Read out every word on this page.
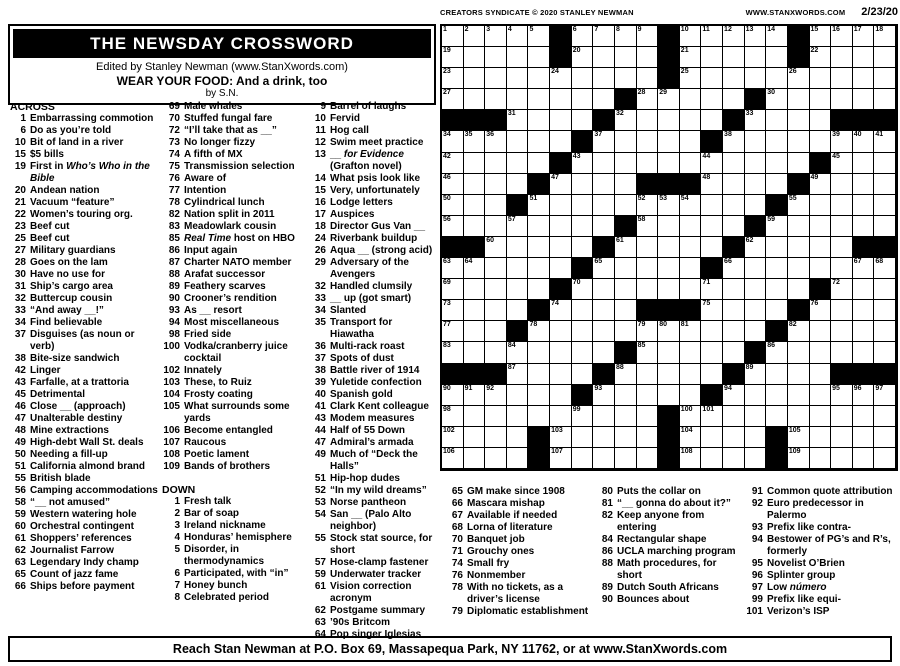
THE NEWSDAY CROSSWORD
Edited by Stanley Newman (www.StanXwords.com)
WEAR YOUR FOOD: And a drink, too
by S.N.
CREATORS SYNDICATE © 2020 STANLEY NEWMAN	WWW.STANXWORDS.COM 2/23/20
1	2	3	4	5	6	7	8	9	10 11 12 13 14	15 16 17 18
19	20	21	22
23	24	25	26
27	28 29	30
31	32	33
34 35 36	37	38	39 40 41
42	43	44	45
46	47	48	49
50	51	52 53 54	55
56	57	58	59
60	61	62
63 64	65	66	67 68
69	70	71	72
73	74	75	76
77	78	79 80 81	82
83	84	85	86
87	88	89
90 91 92	93	94	95 96 97
98	99	100 101
102	103	104	105
106	107	108	109
ACROSS
1 Embarrassing commotion
6 Do as you’re told
10 Bit of land in a river
15 $5 bills
19 First in Who’s Who in the Bible
20 Andean nation
21 Vacuum “feature”
22 Women’s touring org.
23 Beef cut
25 Beef cut
27 Military guardians
28 Goes on the lam
30 Have no use for
31 Ship’s cargo area
32 Buttercup cousin
33 “And away __!”
34 Find believable
37 Disguises (as noun or verb)
38 Bite-size sandwich
42 Linger
43 Farfalle, at a trattoria
45 Detrimental
46 Close __ (approach)
47 Unalterable destiny
48 Mine extractions
49 High-debt Wall St. deals
50 Needing a fill-up
51 California almond brand
55 British blade
56 Camping accommodations
58 “__ not amused”
59 Western watering hole
60 Orchestral contingent
61 Shoppers’ references
62 Journalist Farrow
63 Legendary Indy champ
65 Count of jazz fame
66 Ships before payment
69 Male whales
70 Stuffed fungal fare
72 “I’ll take that as __”
73 No longer fizzy
74 A fifth of MX
75 Transmission selection
76 Aware of
77 Intention
78 Cylindrical lunch
82 Nation split in 2011
83 Meadowlark cousin
85 Real Time host on HBO
86 Input again
87 Charter NATO member
88 Arafat successor
89 Feathery scarves
90 Crooner’s rendition
93 As __ resort
94 Most miscellaneous
98 Fried side
100 Vodka/cranberry juice cocktail
102 Innately
103 These, to Ruiz
104 Frosty coating
105 What surrounds some yards
106 Become entangled
107 Raucous
108 Poetic lament
109 Bands of brothers
DOWN
1 Fresh talk
2 Bar of soap
3 Ireland nickname
4 Honduras’ hemisphere
5 Disorder, in thermodynamics
6 Participated, with “in”
7 Honey bunch
8 Celebrated period
9 Barrel of laughs
10 Fervid
11 Hog call
12 Swim meet practice
13 __ for Evidence (Grafton novel)
14 What psis look like
15 Very, unfortunately
16 Lodge letters
17 Auspices
18 Director Gus Van __
24 Riverbank buildup
26 Aqua __ (strong acid)
29 Adversary of the Avengers
32 Handled clumsily
33 __ up (got smart)
34 Slanted
35 Transport for Hiawatha
36 Multi-rack roast
37 Spots of dust
38 Battle river of 1914
39 Yuletide confection
40 Spanish gold
41 Clark Kent colleague
43 Modem measures
44 Half of 55 Down
47 Admiral’s armada
49 Much of “Deck the Halls”
51 Hip-hop dudes
52 “In my wild dreams”
53 Norse pantheon
54 San __ (Palo Alto neighbor)
55 Stock stat source, for short
57 Hose-clamp fastener
59 Underwater tracker
61 Vision correction acronym
62 Postgame summary
63 ’90s Britcom
64 Pop singer Iglesias
65 GM make since 1908
66 Mascara mishap
67 Available if needed
68 Lorna of literature
70 Banquet job
71 Grouchy ones
74 Small fry
76 Nonmember
78 With no tickets, as a driver’s license
79 Diplomatic establishment
80 Puts the collar on
81 “__ gonna do about it?”
82 Keep anyone from entering
84 Rectangular shape
86 UCLA marching program
88 Math procedures, for short
89 Dutch South Africans
90 Bounces about
91 Common quote attribution
92 Euro predecessor in Palermo
93 Prefix like contra-
94 Bestower of PG’s and R’s, formerly
95 Novelist O’Brien
96 Splinter group
97 Low número
99 Prefix like equi-
101 Verizon’s ISP
Reach Stan Newman at P.O. Box 69, Massapequa Park, NY 11762, or at www.StanXwords.com
